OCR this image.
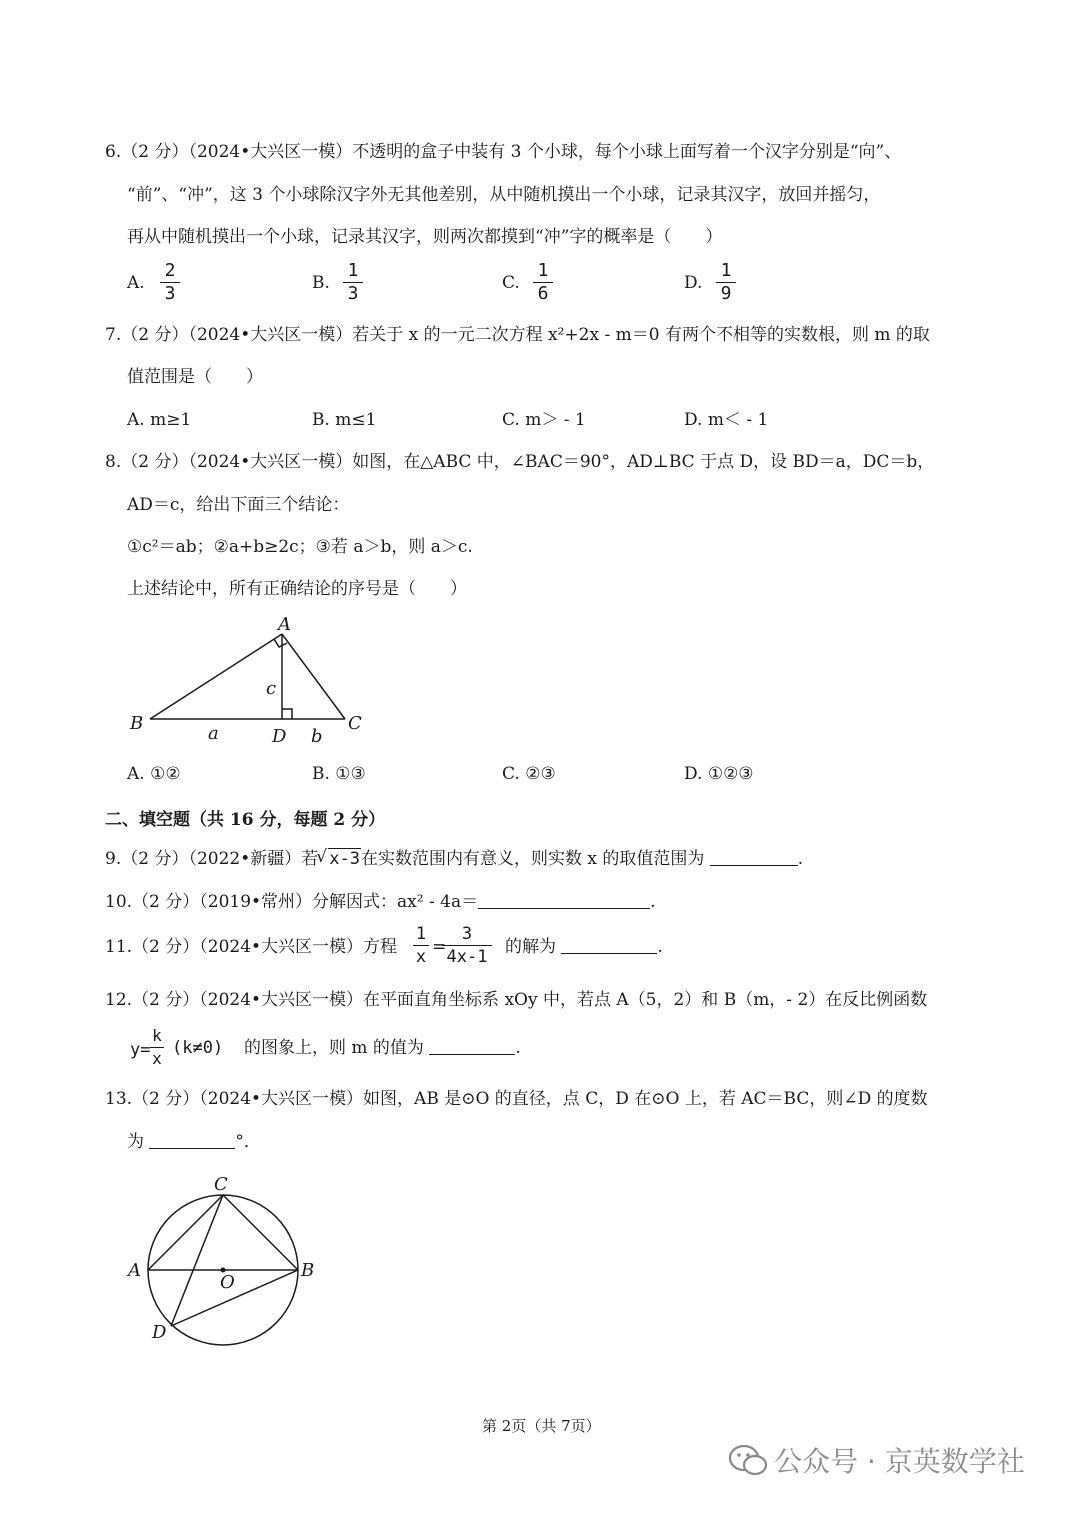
6.（2 分）（2024•大兴区一模）不透明的盒子中装有 3 个小球，每个小球上面写着一个汉字分别是“向”、
“前”、“冲”，这 3 个小球除汉字外无其他差别，从中随机摸出一个小球，记录其汉字，放回并摇匀，
再从中随机摸出一个小球，记录其汉字，则两次都摸到“冲”字的概率是（　　）
A.
2
3	B.
1
3	C.
1
6	D.
1
9
7.（2 分）（2024•大兴区一模）若关于 x 的一元二次方程 x²+2x - m＝0 有两个不相等的实数根，则 m 的取
值范围是（　　）
A. m≥1	B. m≤1	C. m＞ - 1	D. m＜ - 1
8.（2 分）（2024•大兴区一模）如图，在△ABC 中，∠BAC＝90°，AD⊥BC 于点 D，设 BD＝a，DC＝b，
AD＝c，给出下面三个结论：
①c²＝ab；②a+b≥2c；③若 a＞b，则 a＞c.
上述结论中，所有正确结论的序号是（　　）
A
B	C
D
a	b
c
A. ①②	B. ①③	C. ②③	D. ①②③
二、填空题（共 16 分，每题 2 分）
9.（2 分）（2022•新疆）若
√ x-3在实数范围内有意义，则实数 x 的取值范围为	.
10.（2 分）（2019•常州）分解因式：ax² - 4a＝	.
11.（2 分）（2024•大兴区一模）方程	的解为	.
1
x =
3
4x-1
12.（2 分）（2024•大兴区一模）在平面直角坐标系 xOy 中，若点 A（5，2）和 B（m，- 2）在反比例函数
y=
k
x
(k≠0) 的图象上，则 m 的值为	.
13.（2 分）（2024•大兴区一模）如图，AB 是⊙O 的直径，点 C，D 在⊙O 上，若 AC＝BC，则∠D 的度数
为	°．
C
A	B
O
D
第 2页（共 7页）
公众号 · 京英数学社
